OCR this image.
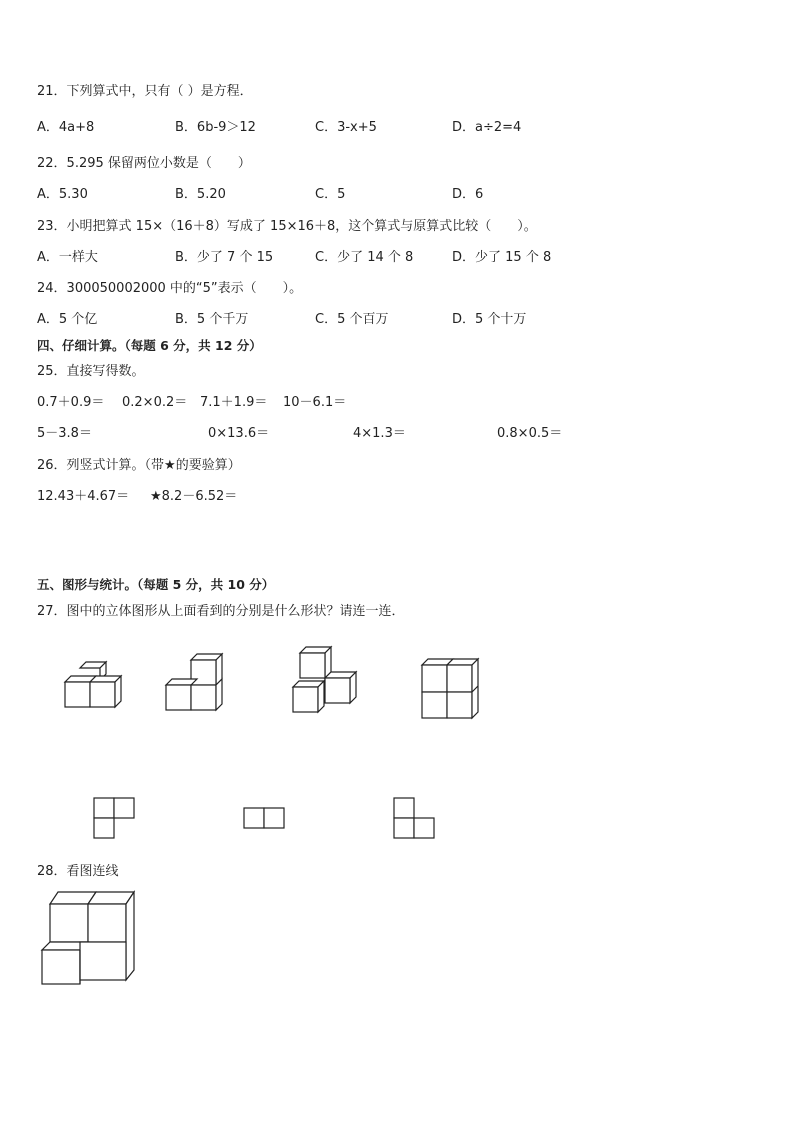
21．下列算式中，只有（ ）是方程．
A．4a+8	B．6b-9＞12	C．3-x+5	D．a÷2=4
22．5.295 保留两位小数是（　　）
A．5.30	B．5.20	C．5	D．6
23．小明把算式 15×（16＋8）写成了 15×16＋8，这个算式与原算式比较（　　）。
A．一样大	B．少了 7 个 15	C．少了 14 个 8	D．少了 15 个 8
24．300050002000 中的“5”表示（　　）。
A．5 个亿	B．5 个千万	C．5 个百万	D．5 个十万
四、仔细计算。（每题 6 分，共 12 分）
25．直接写得数。
0.7＋0.9＝ 0.2×0.2＝ 7.1＋1.9＝ 10－6.1＝
5－3.8＝	0×13.6＝	4×1.3＝	0.8×0.5＝
26．列竖式计算。（带★的要验算）
12.43＋4.67＝ ★8.2－6.52＝
五、图形与统计。（每题 5 分，共 10 分）
27．图中的立体图形从上面看到的分别是什么形状？请连一连．
28．看图连线
